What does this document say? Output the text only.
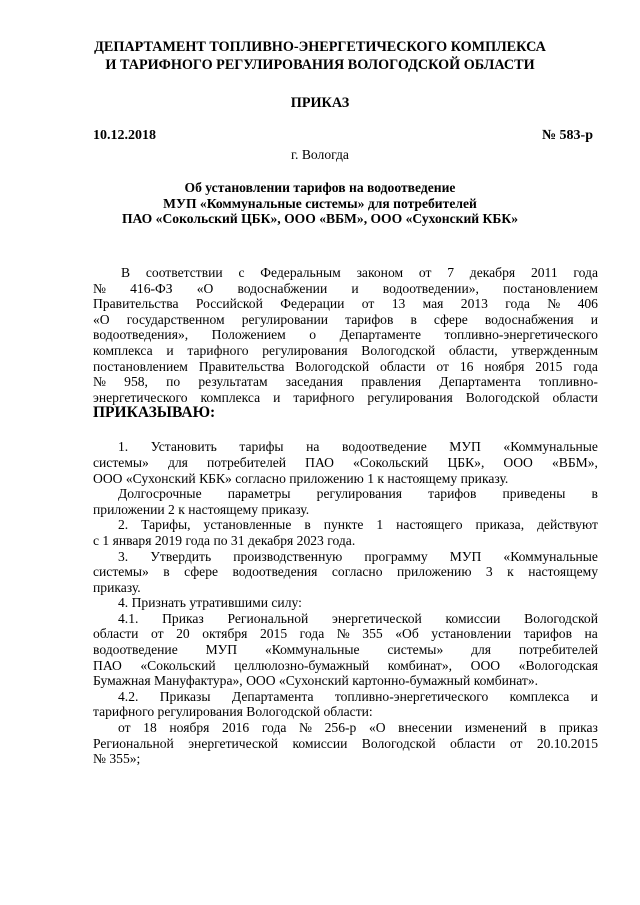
ДЕПАРТАМЕНТ ТОПЛИВНО-ЭНЕРГЕТИЧЕСКОГО КОМПЛЕКСА
И ТАРИФНОГО РЕГУЛИРОВАНИЯ ВОЛОГОДСКОЙ ОБЛАСТИ
ПРИКАЗ
10.12.2018	№ 583-р
г. Вологда
Об установлении тарифов на водоотведение
МУП «Коммунальные системы» для потребителей
ПАО «Сокольский ЦБК», ООО «ВБМ», ООО «Сухонский КБК»
В соответствии с Федеральным законом от 7 декабря 2011 года
№ 416-ФЗ «О водоснабжении и водоотведении», постановлением
Правительства Российской Федерации от 13 мая 2013 года № 406
«О государственном регулировании тарифов в сфере водоснабжения и
водоотведения», Положением о Департаменте топливно-энергетического
комплекса и тарифного регулирования Вологодской области, утвержденным
постановлением Правительства Вологодской области от 16 ноября 2015 года
№ 958, по результатам заседания правления Департамента топливно-
энергетического комплекса и тарифного регулирования Вологодской области
ПРИКАЗЫВАЮ:
1. Установить тарифы на водоотведение МУП «Коммунальные
системы» для потребителей ПАО «Сокольский ЦБК», ООО «ВБМ»,
ООО «Сухонский КБК» согласно приложению 1 к настоящему приказу.
Долгосрочные параметры регулирования тарифов приведены в
приложении 2 к настоящему приказу.
2. Тарифы, установленные в пункте 1 настоящего приказа, действуют
с 1 января 2019 года по 31 декабря 2023 года.
3. Утвердить производственную программу МУП «Коммунальные
системы» в сфере водоотведения согласно приложению 3 к настоящему
приказу.
4. Признать утратившими силу:
4.1. Приказ Региональной энергетической комиссии Вологодской
области от 20 октября 2015 года № 355 «Об установлении тарифов на
водоотведение МУП «Коммунальные системы» для потребителей
ПАО «Сокольский целлюлозно-бумажный комбинат», ООО «Вологодская
Бумажная Мануфактура», ООО «Сухонский картонно-бумажный комбинат».
4.2. Приказы Департамента топливно-энергетического комплекса и
тарифного регулирования Вологодской области:
от 18 ноября 2016 года № 256-р «О внесении изменений в приказ
Региональной энергетической комиссии Вологодской области от 20.10.2015
№ 355»;
